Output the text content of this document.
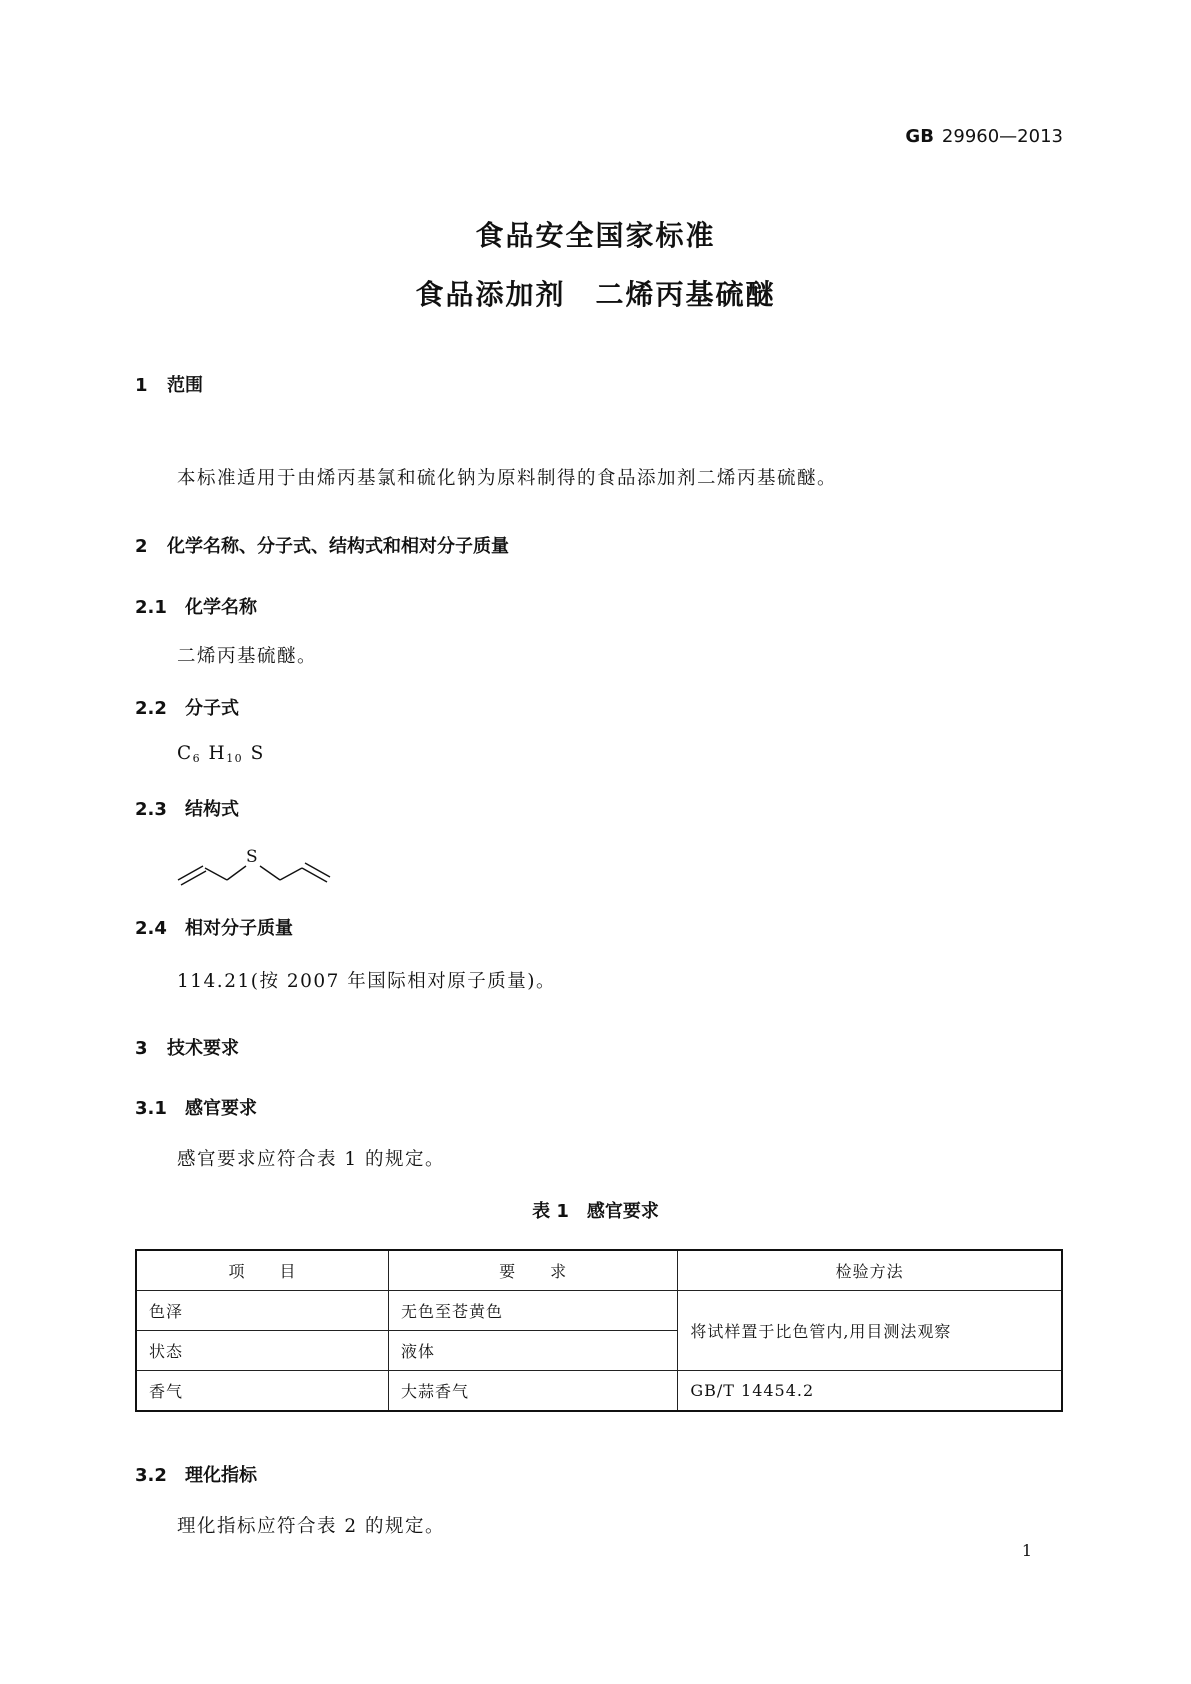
GB 29960—2013
食品安全国家标准
食品添加剂　二烯丙基硫醚
1 范围
本标准适用于由烯丙基氯和硫化钠为原料制得的食品添加剂二烯丙基硫醚。
2 化学名称、分子式、结构式和相对分子质量
2.1 化学名称
二烯丙基硫醚。
2.2 分子式
$C_6$ $H_{10}$ S
2.3 结构式
S
2.4 相对分子质量
114.21(按 2007 年国际相对原子质量)。
3 技术要求
3.1 感官要求
感官要求应符合表 1 的规定。
表 1　感官要求
项　　目	要　　求	检验方法
色泽	无色至苍黄色	将试样置于比色管内,用目测法观察
状态	液体	
香气	大蒜香气	GB/T 14454.2
3.2 理化指标
理化指标应符合表 2 的规定。
1
